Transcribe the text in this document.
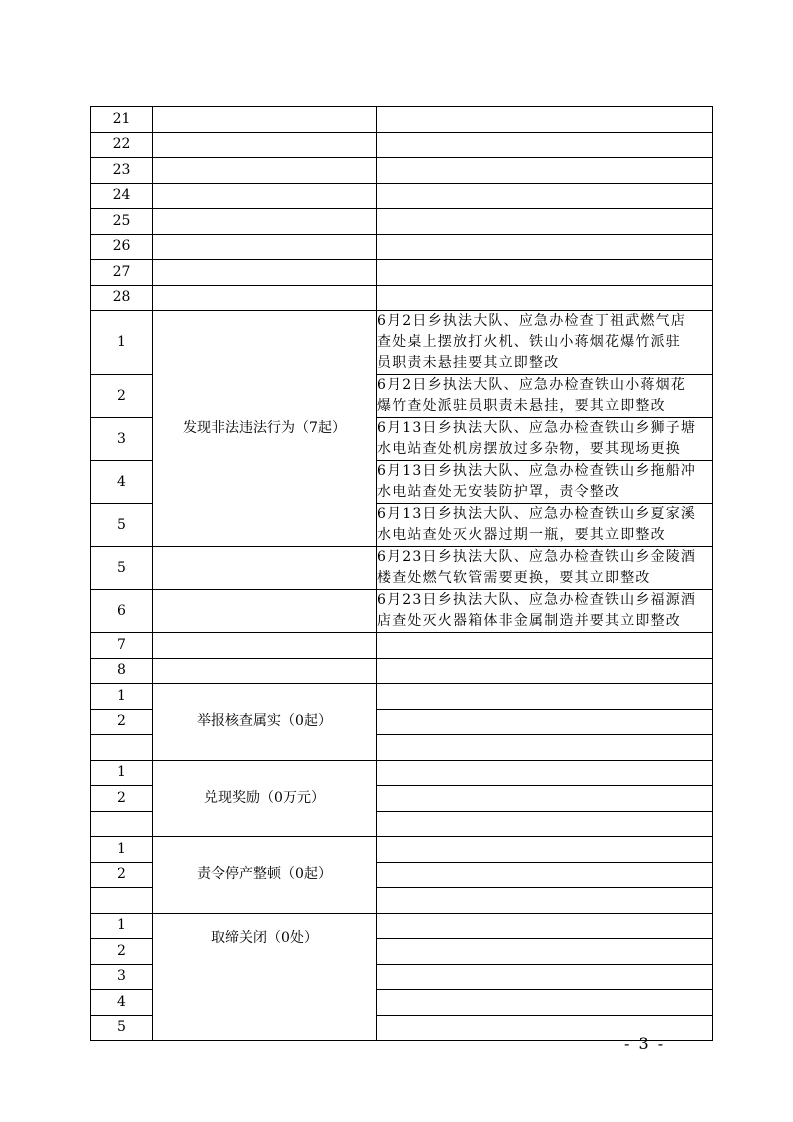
21		
22		
23		
24		
25		
26		
27		
28		
1	发现非法违法行为（7起）	6月2日乡执法大队、应急办检查丁祖武燃气店
查处桌上摆放打火机、铁山小蒋烟花爆竹派驻
员职责未悬挂要其立即整改

2		6月2日乡执法大队、应急办检查铁山小蒋烟花
爆竹查处派驻员职责未悬挂，要其立即整改

3		6月13日乡执法大队、应急办检查铁山乡狮子塘
水电站查处机房摆放过多杂物，要其现场更换

4		6月13日乡执法大队、应急办检查铁山乡拖船冲
水电站查处无安装防护罩，责令整改

5		6月13日乡执法大队、应急办检查铁山乡夏家溪
水电站查处灭火器过期一瓶，要其立即整改

5		6月23日乡执法大队、应急办检查铁山乡金陵酒
楼查处燃气软管需要更换，要其立即整改

6		6月23日乡执法大队、应急办检查铁山乡福源酒
店查处灭火器箱体非金属制造并要其立即整改

7		
8		
1	举报核查属实（0起）	
2		

1	兑现奖励（0万元）	
2		

1	责令停产整顿（0起）	
2		

1	取缔关闭（0处）	
2		
3		
4		
5		
- 3 -
